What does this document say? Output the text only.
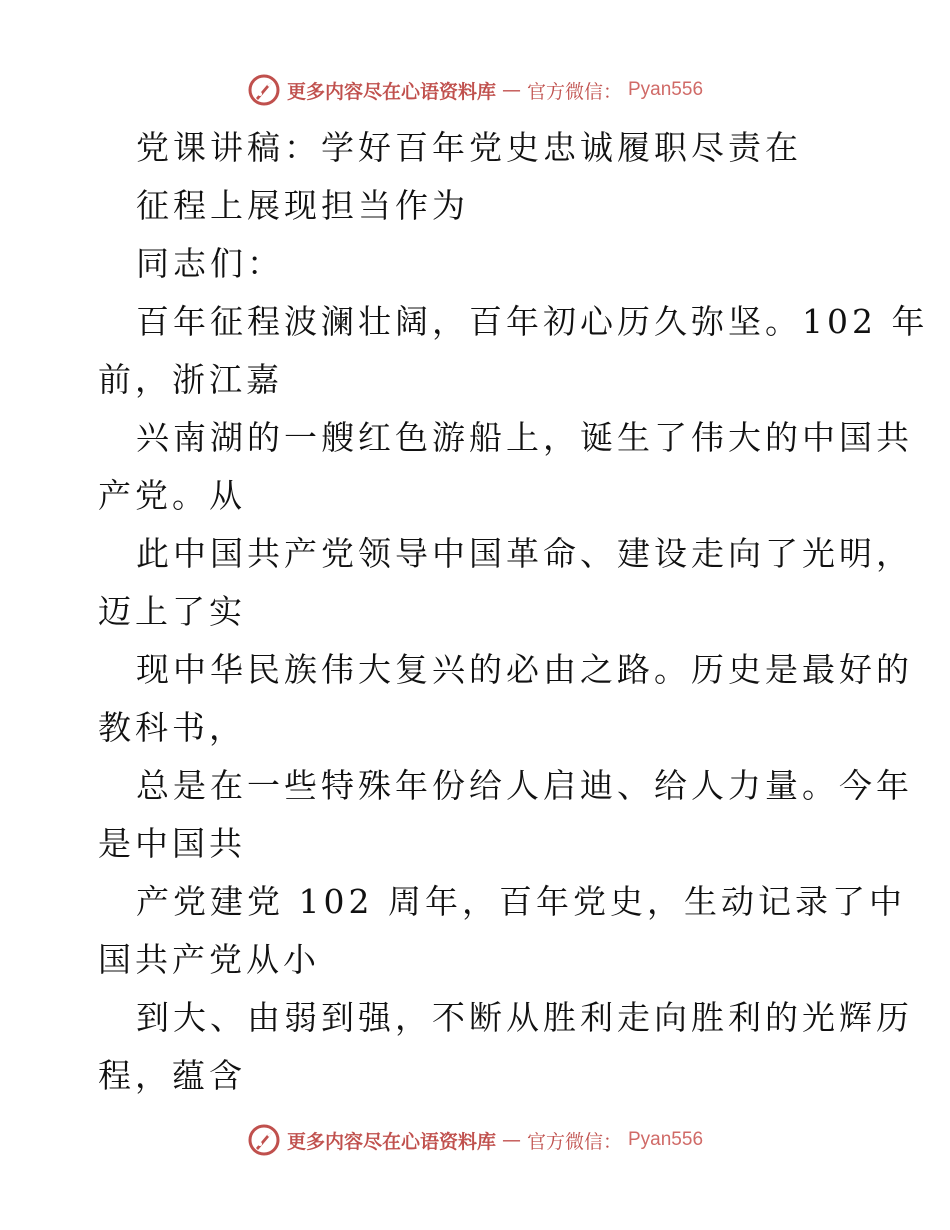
更多内容尽在心语资料库 — 官方微信： Pyan556
党课讲稿：学好百年党史忠诚履职尽责在
征程上展现担当作为
同志们：
百年征程波澜壮阔，百年初心历久弥坚。102 年
前，浙江嘉
兴南湖的一艘红色游船上，诞生了伟大的中国共
产党。从
此中国共产党领导中国革命、建设走向了光明，
迈上了实
现中华民族伟大复兴的必由之路。历史是最好的
教科书，
总是在一些特殊年份给人启迪、给人力量。今年
是中国共
产党建党 102 周年，百年党史，生动记录了中
国共产党从小
到大、由弱到强，不断从胜利走向胜利的光辉历
程，蕴含
更多内容尽在心语资料库 — 官方微信： Pyan556
